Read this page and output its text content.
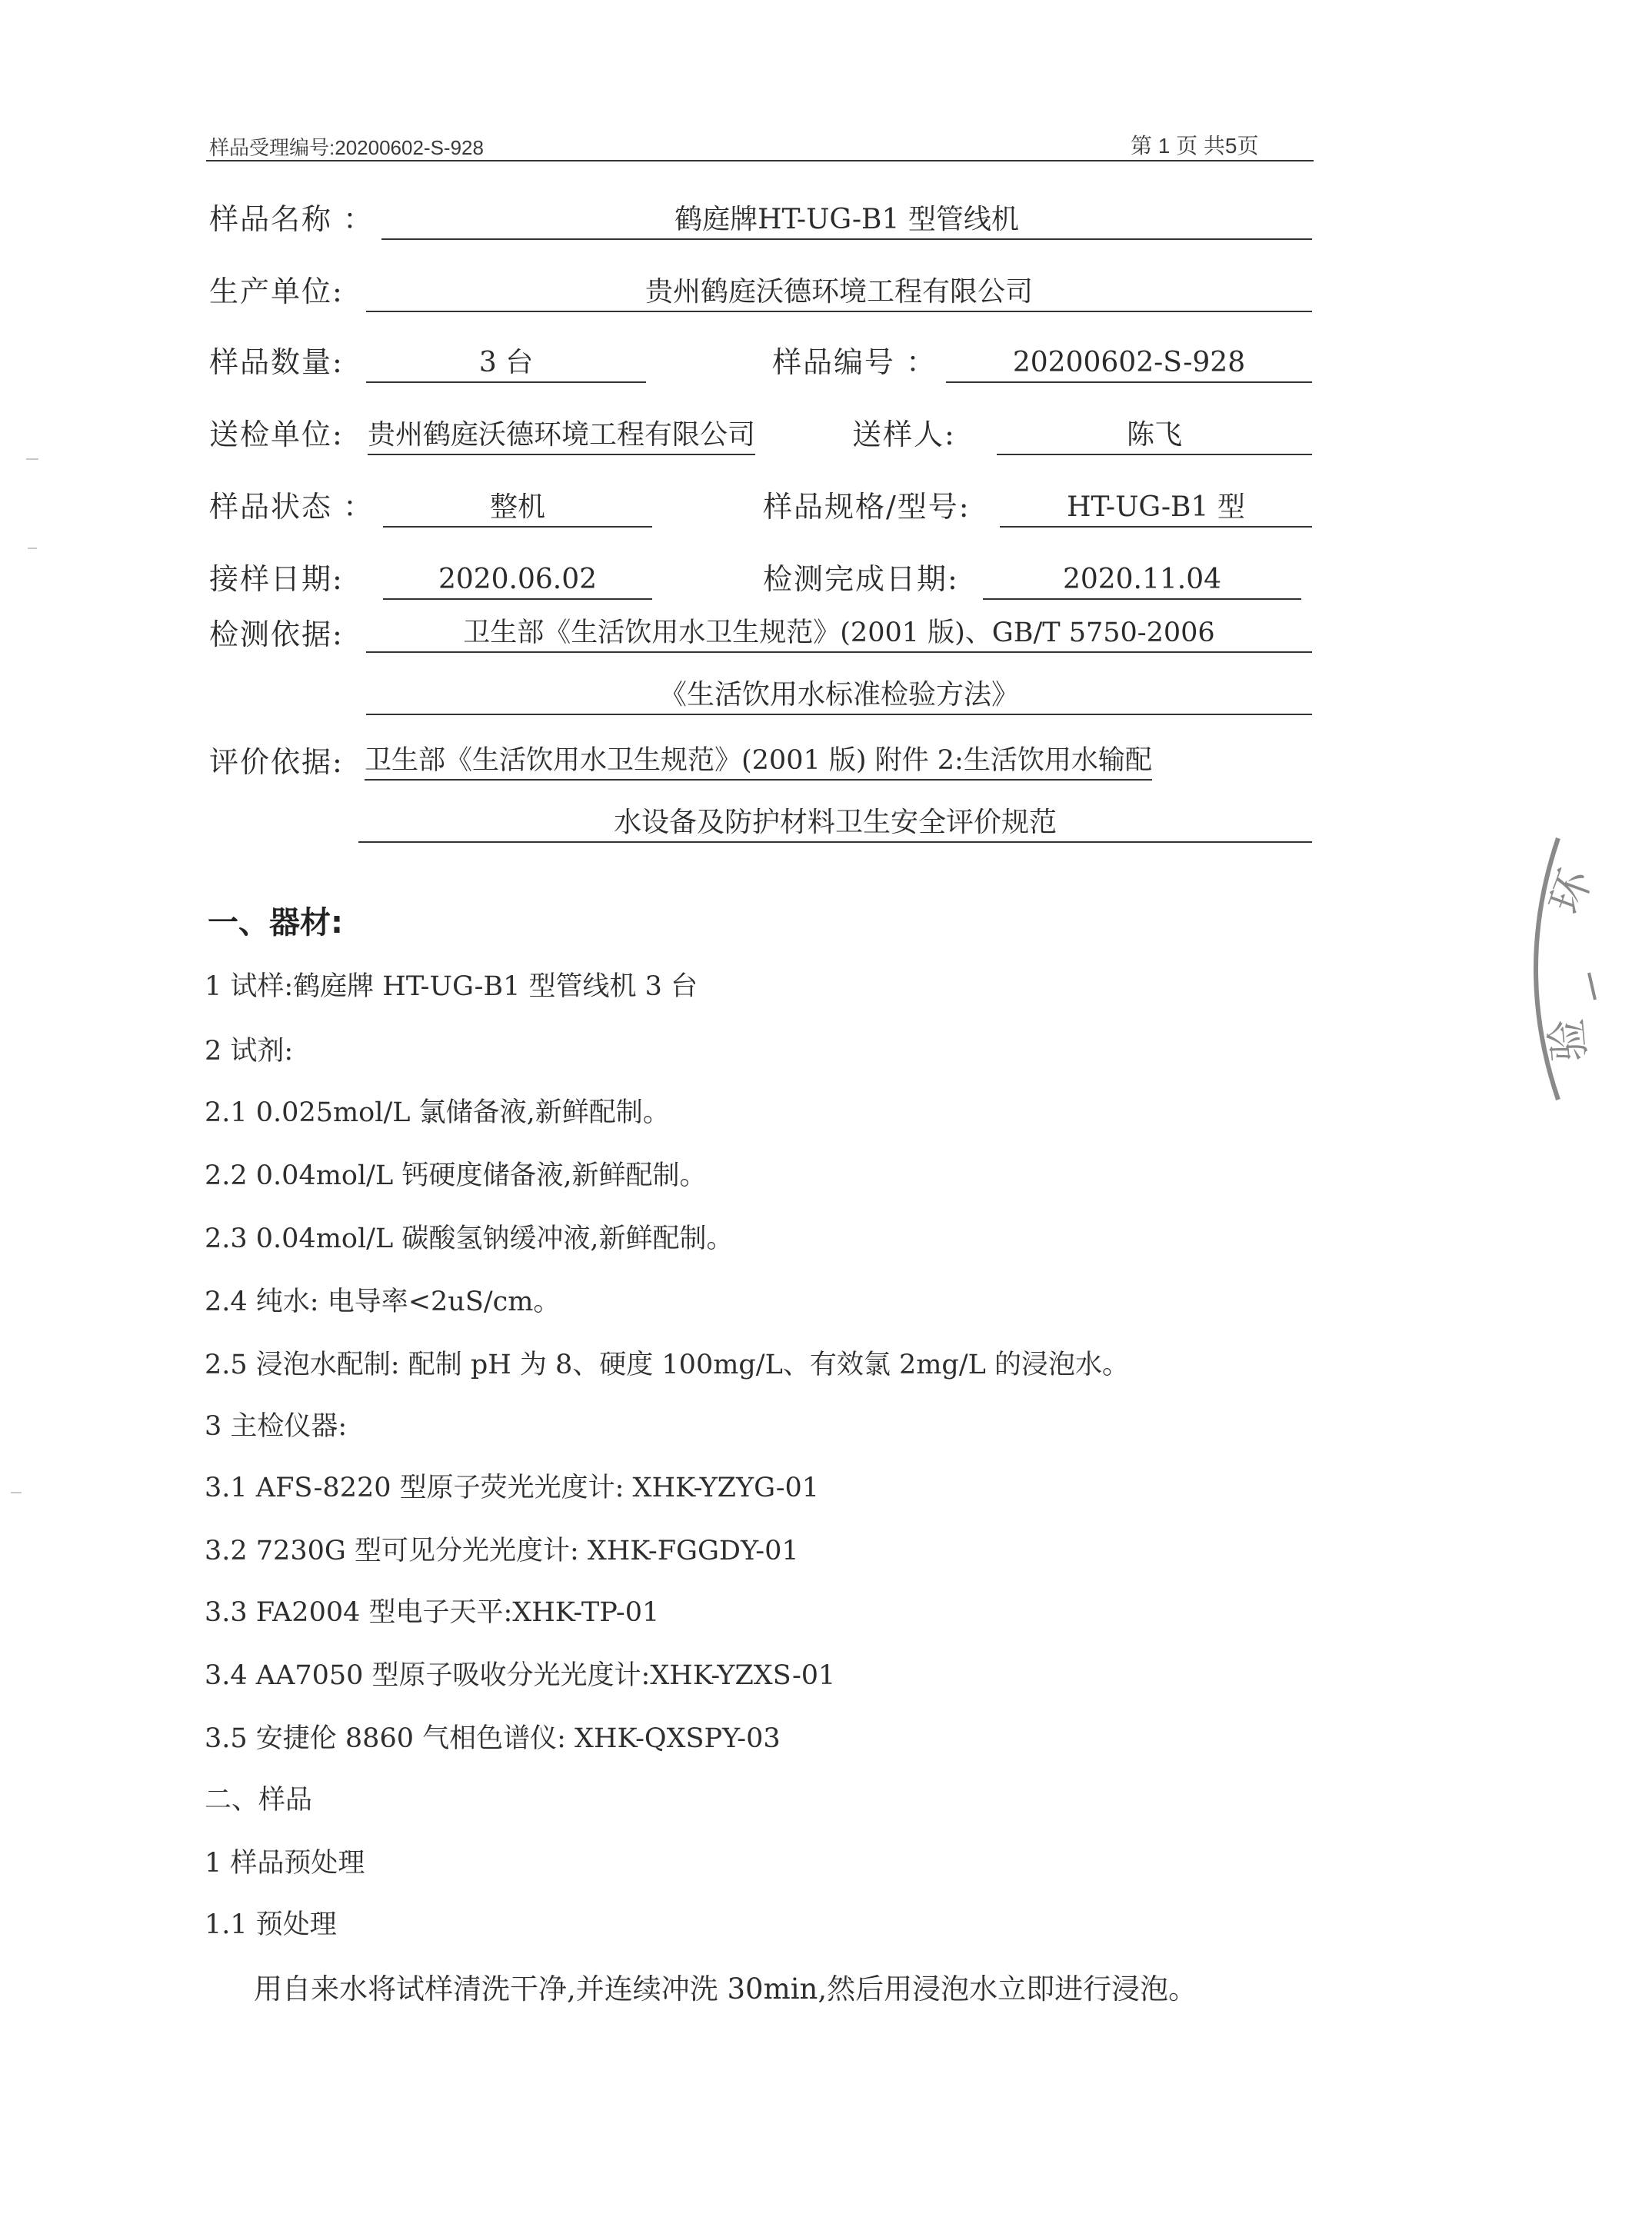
样品受理编号:20200602-S-928	第 1 页 共5页
样品名称 ：	鹤庭牌HT-UG-B1 型管线机
生产单位:	贵州鹤庭沃德环境工程有限公司
样品数量:	3 台	样品编号 ：	20200602-S-928
送检单位: 贵州鹤庭沃德环境工程有限公司	送样人:	陈飞
样品状态 ：	整机	样品规格/型号:	HT-UG-B1 型
接样日期:	2020.06.02	检测完成日期:	2020.11.04
检测依据:	卫生部《生活饮用水卫生规范》(2001 版)、GB/T 5750-2006
《生活饮用水标准检验方法》
评价依据: 卫生部《生活饮用水卫生规范》(2001 版) 附件 2:生活饮用水输配
水设备及防护材料卫生安全评价规范
一、器材:
1 试样:鹤庭牌 HT-UG-B1 型管线机 3 台
2 试剂:
2.1 0.025mol/L 氯储备液,新鲜配制。
2.2 0.04mol/L 钙硬度储备液,新鲜配制。
2.3 0.04mol/L 碳酸氢钠缓冲液,新鲜配制。
2.4 纯水: 电导率<2uS/cm。
2.5 浸泡水配制: 配制 pH 为 8、硬度 100mg/L、有效氯 2mg/L 的浸泡水。
3 主检仪器:
3.1 AFS-8220 型原子荧光光度计: XHK-YZYG-01
3.2 7230G 型可见分光光度计: XHK-FGGDY-01
3.3 FA2004 型电子天平:XHK-TP-01
3.4 AA7050 型原子吸收分光光度计:XHK-YZXS-01
3.5 安捷伦 8860 气相色谱仪: XHK-QXSPY-03
二、样品
1 样品预处理
1.1 预处理
用自来水将试样清洗干净,并连续冲洗 30min,然后用浸泡水立即进行浸泡。
环
验
